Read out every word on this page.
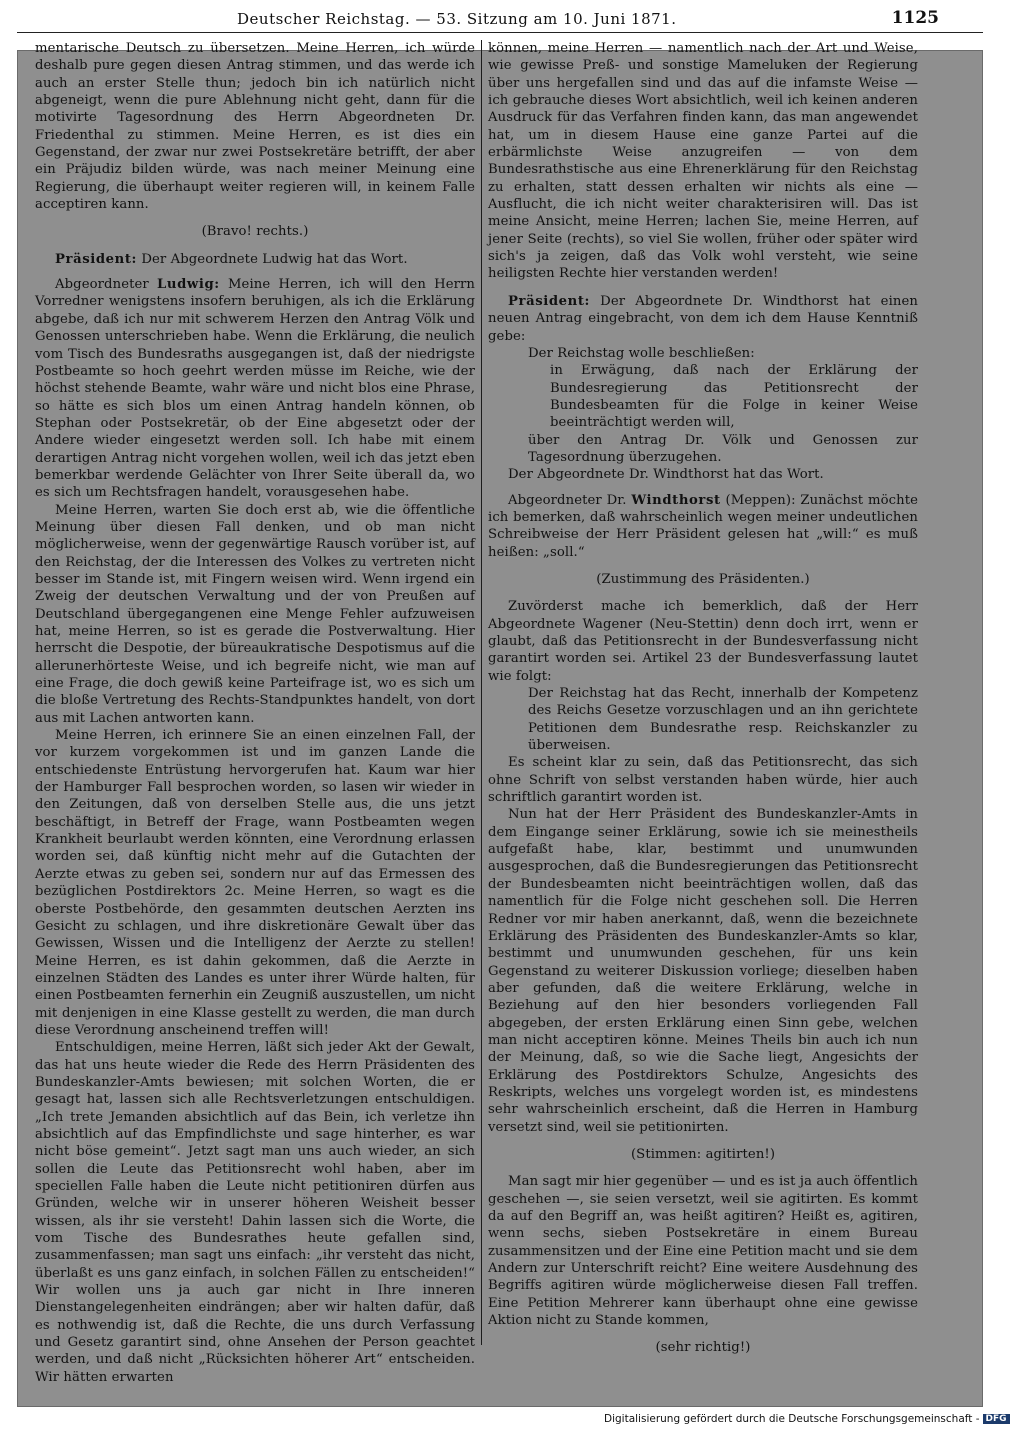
Deutscher Reichstag. — 53. Sitzung am 10. Juni 1871.	1125

mentarische Deutsch zu übersetzen. Meine Herren, ich würde deshalb pure gegen diesen Antrag stimmen, und das werde ich auch an erster Stelle thun; jedoch bin ich natürlich nicht abgeneigt, wenn die pure Ablehnung nicht geht, dann für die motivirte Tagesordnung des Herrn Abgeordneten Dr. Friedenthal zu stimmen. Meine Herren, es ist dies ein Gegenstand, der zwar nur zwei Postsekretäre betrifft, der aber ein Präjudiz bilden würde, was nach meiner Meinung eine Regierung, die überhaupt weiter regieren will, in keinem Falle acceptiren kann.

(Bravo! rechts.)

Präsident: Der Abgeordnete Ludwig hat das Wort.

Abgeordneter Ludwig: Meine Herren, ich will den Herrn Vorredner wenigstens insofern beruhigen, als ich die Erklärung abgebe, daß ich nur mit schwerem Herzen den Antrag Völk und Genossen unterschrieben habe. Wenn die Erklärung, die neulich vom Tisch des Bundesraths ausgegangen ist, daß der niedrigste Postbeamte so hoch geehrt werden müsse im Reiche, wie der höchst stehende Beamte, wahr wäre und nicht blos eine Phrase, so hätte es sich blos um einen Antrag handeln können, ob Stephan oder Postsekretär, ob der Eine abgesetzt oder der Andere wieder eingesetzt werden soll. Ich habe mit einem derartigen Antrag nicht vorgehen wollen, weil ich das jetzt eben bemerkbar werdende Gelächter von Ihrer Seite überall da, wo es sich um Rechtsfragen handelt, vorausgesehen habe.

Meine Herren, warten Sie doch erst ab, wie die öffentliche Meinung über diesen Fall denken, und ob man nicht möglicherweise, wenn der gegenwärtige Rausch vorüber ist, auf den Reichstag, der die Interessen des Volkes zu vertreten nicht besser im Stande ist, mit Fingern weisen wird. Wenn irgend ein Zweig der deutschen Verwaltung und der von Preußen auf Deutschland übergegangenen eine Menge Fehler aufzuweisen hat, meine Herren, so ist es gerade die Postverwaltung. Hier herrscht die Despotie, der büreaukratische Despotismus auf die allerunerhörteste Weise, und ich begreife nicht, wie man auf eine Frage, die doch gewiß keine Parteifrage ist, wo es sich um die bloße Vertretung des Rechts-Standpunktes handelt, von dort aus mit Lachen antworten kann.

Meine Herren, ich erinnere Sie an einen einzelnen Fall, der vor kurzem vorgekommen ist und im ganzen Lande die entschiedenste Entrüstung hervorgerufen hat. Kaum war hier der Hamburger Fall besprochen worden, so lasen wir wieder in den Zeitungen, daß von derselben Stelle aus, die uns jetzt beschäftigt, in Betreff der Frage, wann Postbeamten wegen Krankheit beurlaubt werden könnten, eine Verordnung erlassen worden sei, daß künftig nicht mehr auf die Gutachten der Aerzte etwas zu geben sei, sondern nur auf das Ermessen des bezüglichen Postdirektors 2c. Meine Herren, so wagt es die oberste Postbehörde, den gesammten deutschen Aerzten ins Gesicht zu schlagen, und ihre diskretionäre Gewalt über das Gewissen, Wissen und die Intelligenz der Aerzte zu stellen! Meine Herren, es ist dahin gekommen, daß die Aerzte in einzelnen Städten des Landes es unter ihrer Würde halten, für einen Postbeamten fernerhin ein Zeugniß auszustellen, um nicht mit denjenigen in eine Klasse gestellt zu werden, die man durch diese Verordnung anscheinend treffen will!

Entschuldigen, meine Herren, läßt sich jeder Akt der Gewalt, das hat uns heute wieder die Rede des Herrn Präsidenten des Bundeskanzler-Amts bewiesen; mit solchen Worten, die er gesagt hat, lassen sich alle Rechtsverletzungen entschuldigen. „Ich trete Jemanden absichtlich auf das Bein, ich verletze ihn absichtlich auf das Empfindlichste und sage hinterher, es war nicht böse gemeint“. Jetzt sagt man uns auch wieder, an sich sollen die Leute das Petitionsrecht wohl haben, aber im speciellen Falle haben die Leute nicht petitioniren dürfen aus Gründen, welche wir in unserer höheren Weisheit besser wissen, als ihr sie versteht! Dahin lassen sich die Worte, die vom Tische des Bundesrathes heute gefallen sind, zusammenfassen; man sagt uns einfach: „ihr versteht das nicht, überlaßt es uns ganz einfach, in solchen Fällen zu entscheiden!“ Wir wollen uns ja auch gar nicht in Ihre inneren Dienstangelegenheiten eindrängen; aber wir halten dafür, daß es nothwendig ist, daß die Rechte, die uns durch Verfassung und Gesetz garantirt sind, ohne Ansehen der Person geachtet werden, und daß nicht „Rücksichten höherer Art“ entscheiden. Wir hätten erwarten

können, meine Herren — namentlich nach der Art und Weise, wie gewisse Preß- und sonstige Mameluken der Regierung über uns hergefallen sind und das auf die infamste Weise — ich gebrauche dieses Wort absichtlich, weil ich keinen anderen Ausdruck für das Verfahren finden kann, das man angewendet hat, um in diesem Hause eine ganze Partei auf die erbärmlichste Weise anzugreifen — von dem Bundesrathstische aus eine Ehrenerklärung für den Reichstag zu erhalten, statt dessen erhalten wir nichts als eine — Ausflucht, die ich nicht weiter charakterisiren will. Das ist meine Ansicht, meine Herren; lachen Sie, meine Herren, auf jener Seite (rechts), so viel Sie wollen, früher oder später wird sich's ja zeigen, daß das Volk wohl versteht, wie seine heiligsten Rechte hier verstanden werden!

Präsident: Der Abgeordnete Dr. Windthorst hat einen neuen Antrag eingebracht, von dem ich dem Hause Kenntniß gebe:

Der Reichstag wolle beschließen:

in Erwägung, daß nach der Erklärung der Bundesregierung das Petitionsrecht der Bundesbeamten für die Folge in keiner Weise beeinträchtigt werden will,

über den Antrag Dr. Völk und Genossen zur Tagesordnung überzugehen.

Der Abgeordnete Dr. Windthorst hat das Wort.

Abgeordneter Dr. Windthorst (Meppen): Zunächst möchte ich bemerken, daß wahrscheinlich wegen meiner undeutlichen Schreibweise der Herr Präsident gelesen hat „will:“ es muß heißen: „soll.“

(Zustimmung des Präsidenten.)

Zuvörderst mache ich bemerklich, daß der Herr Abgeordnete Wagener (Neu-Stettin) denn doch irrt, wenn er glaubt, daß das Petitionsrecht in der Bundesverfassung nicht garantirt worden sei. Artikel 23 der Bundesverfassung lautet wie folgt:

Der Reichstag hat das Recht, innerhalb der Kompetenz des Reichs Gesetze vorzuschlagen und an ihn gerichtete Petitionen dem Bundesrathe resp. Reichskanzler zu überweisen.

Es scheint klar zu sein, daß das Petitionsrecht, das sich ohne Schrift von selbst verstanden haben würde, hier auch schriftlich garantirt worden ist.

Nun hat der Herr Präsident des Bundeskanzler-Amts in dem Eingange seiner Erklärung, sowie ich sie meinestheils aufgefaßt habe, klar, bestimmt und unumwunden ausgesprochen, daß die Bundesregierungen das Petitionsrecht der Bundesbeamten nicht beeinträchtigen wollen, daß das namentlich für die Folge nicht geschehen soll. Die Herren Redner vor mir haben anerkannt, daß, wenn die bezeichnete Erklärung des Präsidenten des Bundeskanzler-Amts so klar, bestimmt und unumwunden geschehen, für uns kein Gegenstand zu weiterer Diskussion vorliege; dieselben haben aber gefunden, daß die weitere Erklärung, welche in Beziehung auf den hier besonders vorliegenden Fall abgegeben, der ersten Erklärung einen Sinn gebe, welchen man nicht acceptiren könne. Meines Theils bin auch ich nun der Meinung, daß, so wie die Sache liegt, Angesichts der Erklärung des Postdirektors Schulze, Angesichts des Reskripts, welches uns vorgelegt worden ist, es mindestens sehr wahrscheinlich erscheint, daß die Herren in Hamburg versetzt sind, weil sie petitionirten.

(Stimmen: agitirten!)

Man sagt mir hier gegenüber — und es ist ja auch öffentlich geschehen —, sie seien versetzt, weil sie agitirten. Es kommt da auf den Begriff an, was heißt agitiren? Heißt es, agitiren, wenn sechs, sieben Postsekretäre in einem Bureau zusammensitzen und der Eine eine Petition macht und sie dem Andern zur Unterschrift reicht? Eine weitere Ausdehnung des Begriffs agitiren würde möglicherweise diesen Fall treffen. Eine Petition Mehrerer kann überhaupt ohne eine gewisse Aktion nicht zu Stande kommen,

(sehr richtig!)

Digitalisierung gefördert durch die Deutsche Forschungsgemeinschaft - DFG
